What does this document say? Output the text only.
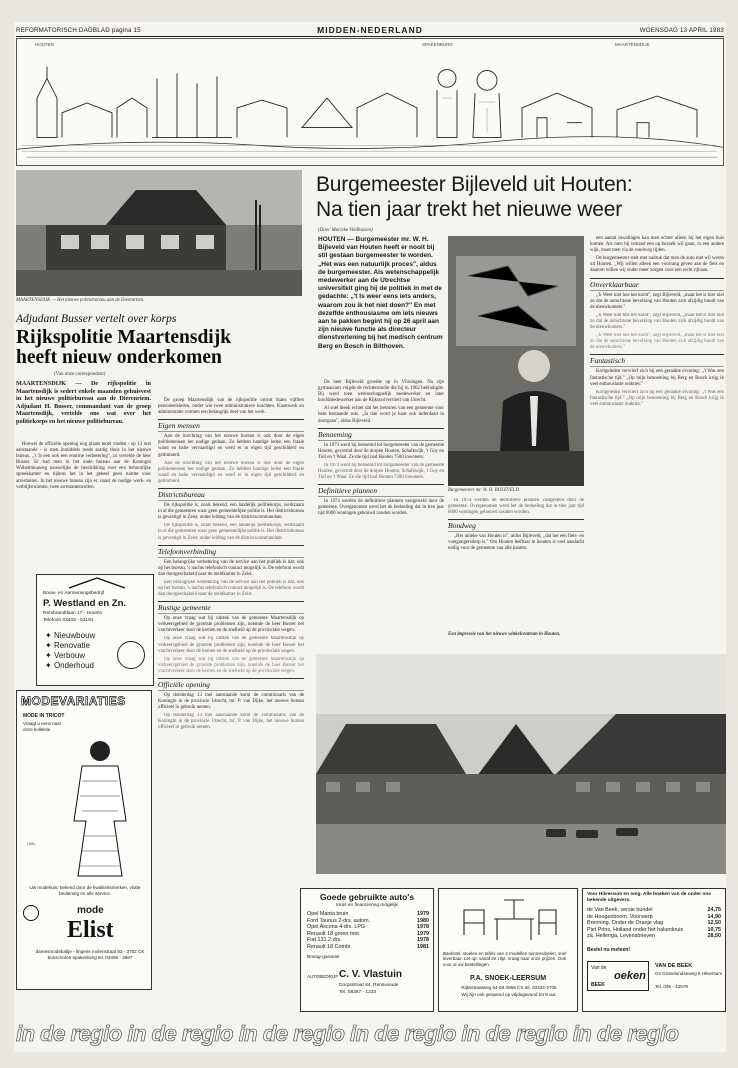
REFORMATORISCH DAGBLAD pagina 15	MIDDEN-NEDERLAND	WOENSDAG 13 APRIL 1983
HOUTEN	SPAKENBURG	MAARTENSDIJK
MAARTENSDIJK — Het nieuwe politiebureau aan de Dierenriem.
Adjudant Busser vertelt over korps
Rijkspolitie Maartensdijk
heeft nieuw onderkomen
(Van onze correspondent)
MAARTENSDIJK — De rijkspolitie in Maartensdijk is sedert enkele maanden gehuisvest in het nieuwe politiebureau aan de Dierenriem. Adjudant H. Busser, commandant van de groep Maartensdijk, vertelde ons wat over het politiekorps en het nieuwe politiebureau.

Hoewel de officiële opening nog plaats moet vinden - op 13 mei aanstaande - is men inmiddels reeds aardig thuis in het nieuwe bureau. „'t Is een ook een enorme verbetering", zo vertelde de heer Busser. Er had men in het oude bureau aan de Koningin Wilhelminaweg nauwelijks de beschikking over een behoorlijke spreekkamer en tijdens het in het geheel geen ruimte voor arrestanten. In het nieuwe bureau zijn er, naast de nodige werk- en verblijfsruimten, twee arrestantencellen.

Bouw- en Aannemingsbedrijf
P. Westland en Zn.
Rembrandtlaan 17 - Houten
Telefoon 03403 - 53181
✦ Nieuwbouw
✦ Renovatie
✦ Verbouw
✦ Onderhoud
MODEVARIATIES
MODE IN TRICOT
Vraagt u eens naar onze kollektie
f 89,-
Uw modehuis: bekend door de kwaliteitsmerken, vlotte bediening en alle service.
mode
Elist
damesmodebaltje - lingerie molenstraat 83 - 3752 CK bunschoten spakenburg tel. 03499 - 3887

De groep Maartensdijk van de rijkspolitie omvat thans vijftien personeelsleden, onder wie twee administratieve krachten. Kaartwerk en administratie vormen een belangrijk deel van het werk.

Eigen mensen

Aan de inrichting van het nieuwe bureau is ook door de eigen politiemensen het nodige gedaan. Zo hebben handige leden een fraaie wand en balie vervaardigd en werd er in eigen tijd geschilderd en getimmerd.

Aan de inrichting van het nieuwe bureau is ook door de eigen politiemensen het nodige gedaan. Zo hebben handige leden een fraaie wand en balie vervaardigd en werd er in eigen tijd geschilderd en getimmerd.

Districtsbureau

De rijkspolitie is, zoals bekend, een landelijk politiekorps, werkzaam in al die gemeenten waar geen gemeentelijke politie is. Het districtsbureau is gevestigd in Zeist, onder leiding van de districtscommandant.

De rijkspolitie is, zoals bekend, een landelijk politiekorps, werkzaam in al die gemeenten waar geen gemeentelijke politie is. Het districtsbureau is gevestigd in Zeist, onder leiding van de districtscommandant.

Telefoonverbinding

Een belangrijke verbetering van de service aan het publiek is dat, ook op het bureau, 's nachts telefonisch contact mogelijk is. De telefoon wordt dan doorgeschakeld naar de meldkamer in Zeist.

Een belangrijke verbetering van de service aan het publiek is dat, ook op het bureau, 's nachts telefonisch contact mogelijk is. De telefoon wordt dan doorgeschakeld naar de meldkamer in Zeist.

Rustige gemeente

Op onze vraag wat bij uitstek van de gemeente Maartensdijk op verkeersgebied de grootste problemen zijn, noemde de heer Busser het vrachtverkeer door de kernen en de snelheid op de provinciale wegen.

Op onze vraag wat bij uitstek van de gemeente Maartensdijk op verkeersgebied de grootste problemen zijn, noemde de heer Busser het vrachtverkeer door de kernen en de snelheid op de provinciale wegen.

Op onze vraag wat bij uitstek van de gemeente Maartensdijk op verkeersgebied de grootste problemen zijn, noemde de heer Busser het vrachtverkeer door de kernen en de snelheid op de provinciale wegen.

Officiële opening

Op donderdag 13 mei aanstaande komt de commissaris van de Koningin in de provincie Utrecht, mr. P. van Dijke, het nieuwe bureau officieel in gebruik nemen.

Op donderdag 13 mei aanstaande komt de commissaris van de Koningin in de provincie Utrecht, mr. P. van Dijke, het nieuwe bureau officieel in gebruik nemen.

Burgemeester Bijleveld uit Houten:
Na tien jaar trekt het nieuwe weer
(Door Marieke Veldhuizen)
HOUTEN — Burgemeester mr. W. H. Bijleveld van Houten heeft er nooit bij stil gestaan burgemeester te worden. „Het was een natuurlijk proces", aldus de burgemeester. Als wetenschappelijk medewerker aan de Utrechtse universiteit ging hij de politiek in met de gedachte: „'t Is weer eens iets anders, waarom zou ik het niet doen?" En met dezelfde enthousiasme om iets nieuws aan te pakken begint hij op 26 april aan zijn nieuwe functie als directeur dienstverlening bij het medisch centrum Berg en Bosch in Bilthoven.

De heer Bijleveld groeide op in Vlissingen. Na zijn gymnasium volgde de rechtenstudie die hij in 1962 beëindigde. Bij werd toen wetenschappelijk medewerker en later hoofdmedewerker aan de Rijksuniversiteit van Utrecht.

Al snel bleek echter dat het besturen van een gemeente voor hem bestaande was. „Ja dan word je haar ook inderdaad in doorgaan", aldus Bijleveld.

Benoeming

In 1973 werd hij benoemd tot burgemeester van de gemeente Houten, gevormd door de dorpen Houten, Schalkwijk, 't Goy en Tull en 't Waal. Ze die tijd had Houten 7500 inwoners.

In 1973 werd hij benoemd tot burgemeester van de gemeente Houten, gevormd door de dorpen Houten, Schalkwijk, 't Goy en Tull en 't Waal. Ze die tijd had Houten 7500 inwoners.

Definitieve plannen

In 1974 werden de definitieve plannen vastgesteld door de gemeente. Overgenomen werd het de bedoeling dat in tien jaar tijd 6000 woningen gebouwd zouden worden.

Burgemeester mr. W. H. BIJLEVELD.

In 1974 werden de definitieve plannen vastgesteld door de gemeente. Overgenomen werd het de bedoeling dat in tien jaar tijd 6000 woningen gebouwd zouden worden.

Bondweg

„Het unieke van Houten is", aldus Bijleveld, „dat het een fiets- en voetgangersdorp is." Om Houten leefbaar te houden is veel aandacht nodig voor de gemeente van alle kanten.

een aantal inwalingen kan men echter alleen bij het eigen huis komen. Als men bij iemand een op bezoek wil gaan, in een andere wijk, moet men via de rondweg rijden.

De burgemeester stelt met nadruk dat men de auto niet wil weren uit Houten. „Wij willen alleen een voorrang geven aan de fiets en daarom willen wij onder meer zorgen voor een recht rijbaan.

Onverklaarbaar

„'k Weet niet hoe het komt", zegt Bijleveld, „maar het is hier niet zo dat de autochtone bevolking van Houten zich afzijdig houdt van de nieuwkomers."

„'k Weet niet hoe het komt", zegt Bijleveld, „maar het is hier niet zo dat de autochtone bevolking van Houten zich afzijdig houdt van de nieuwkomers."

„'k Weet niet hoe het komt", zegt Bijleveld, „maar het is hier niet zo dat de autochtone bevolking van Houten zich afzijdig houdt van de nieuwkomers."

Fantastisch

Kortgeleden verwierf zich hij een geraakte ervaring: „'t Was een fantastische tijd." „Op mijn benoeming bij Berg en Bosch krijg ik veel enthousiaste reakties."

Kortgeleden verwierf zich hij een geraakte ervaring: „'t Was een fantastische tijd." „Op mijn benoeming bij Berg en Bosch krijg ik veel enthousiaste reakties."

Een impressie van het nieuwe winkelcentrum in Houten.
Goede gebruikte auto's
Inruil en financiering mogelijk
Opel Manta bruin	1979
Ford Taunus 2-drs. autom.	1980
Opel Ascona 4-drs. LPG	1978
Renault 18 groen met.	1979
Fiat 131 2-drs.	1978
Renault 18 Combi	1981
Bovag-garantie
AUTOBEDRIJF C. V. Vlastuin
Dorpsstraat 84, Renswoude
Tel. 08387 - 1233
Bankstel, stoelen en tafels van 4 modellen tuinmeubelen, snel leverbaar. Let op: vanaf 2e zitje, vraag naar onze prijzen. Ook voor al uw bestellingen.
P.A. SNOEK-LEERSUM
Rijksstraatweg 64-66 3956 CS tel. 03434-2705
Wij zijn ook geopend op vrijdagavond tot 9 uur.
Voor Hilversum en omg. Alle boeken van de onder ons bekende uitgevers.
de Van Beek, versie bundel	24,75
de Hoogenboom, Voorwerp	14,90
Brenning, Onder de Oranje vlag	12,50
Piet Prins, Holland onder het hakenkruis	10,75
za. Hellenga, Levensbrieven	28,50
Bestel nu meteen!
Van de
oeken
BEEK
VAN DE BEEK
Oz Gravelandseweg 6 Hilversum
Tel. 035 - 42579
in de regio in de regio in de regio in de regio in de regio in de regio
